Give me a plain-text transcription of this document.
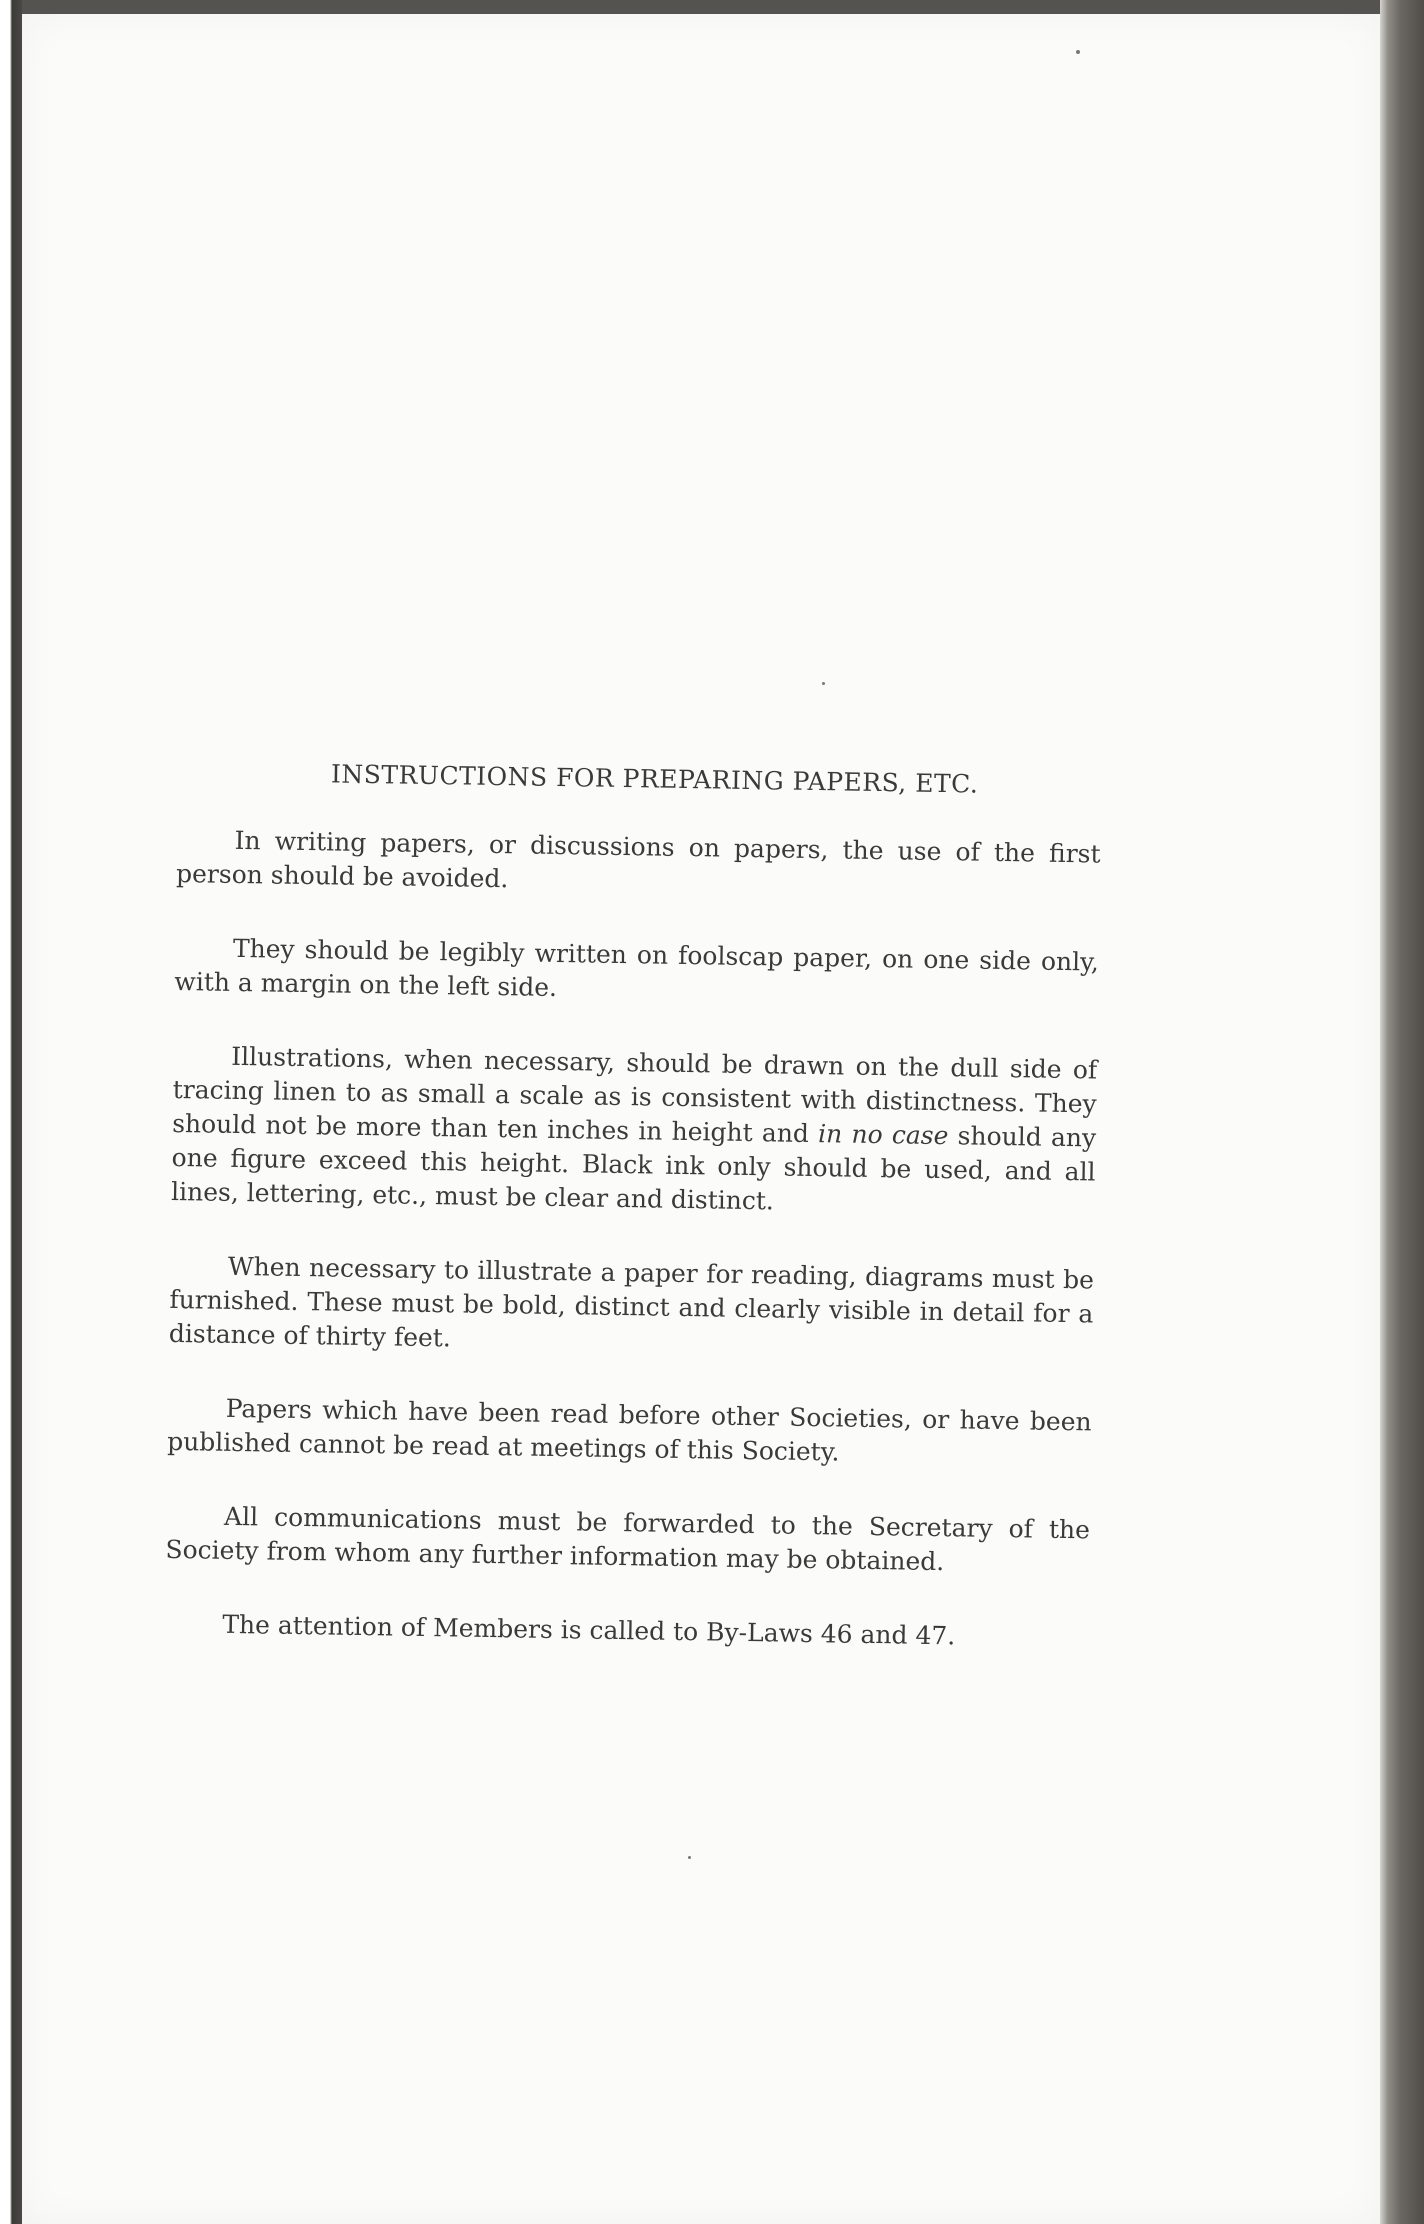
INSTRUCTIONS FOR PREPARING PAPERS, ETC.

In writing papers, or discussions on papers, the use of the first person should be avoided.

They should be legibly written on foolscap paper, on one side only, with a margin on the left side.

Illustrations, when necessary, should be drawn on the dull side of tracing linen to as small a scale as is consistent with distinctness. They should not be more than ten inches in height and in no case should any one figure exceed this height. Black ink only should be used, and all lines, lettering, etc., must be clear and distinct.

When necessary to illustrate a paper for reading, diagrams must be furnished. These must be bold, distinct and clearly visible in detail for a distance of thirty feet.

Papers which have been read before other Societies, or have been published cannot be read at meetings of this Society.

All communications must be forwarded to the Secretary of the Society from whom any further information may be obtained.

The attention of Members is called to By-Laws 46 and 47.
